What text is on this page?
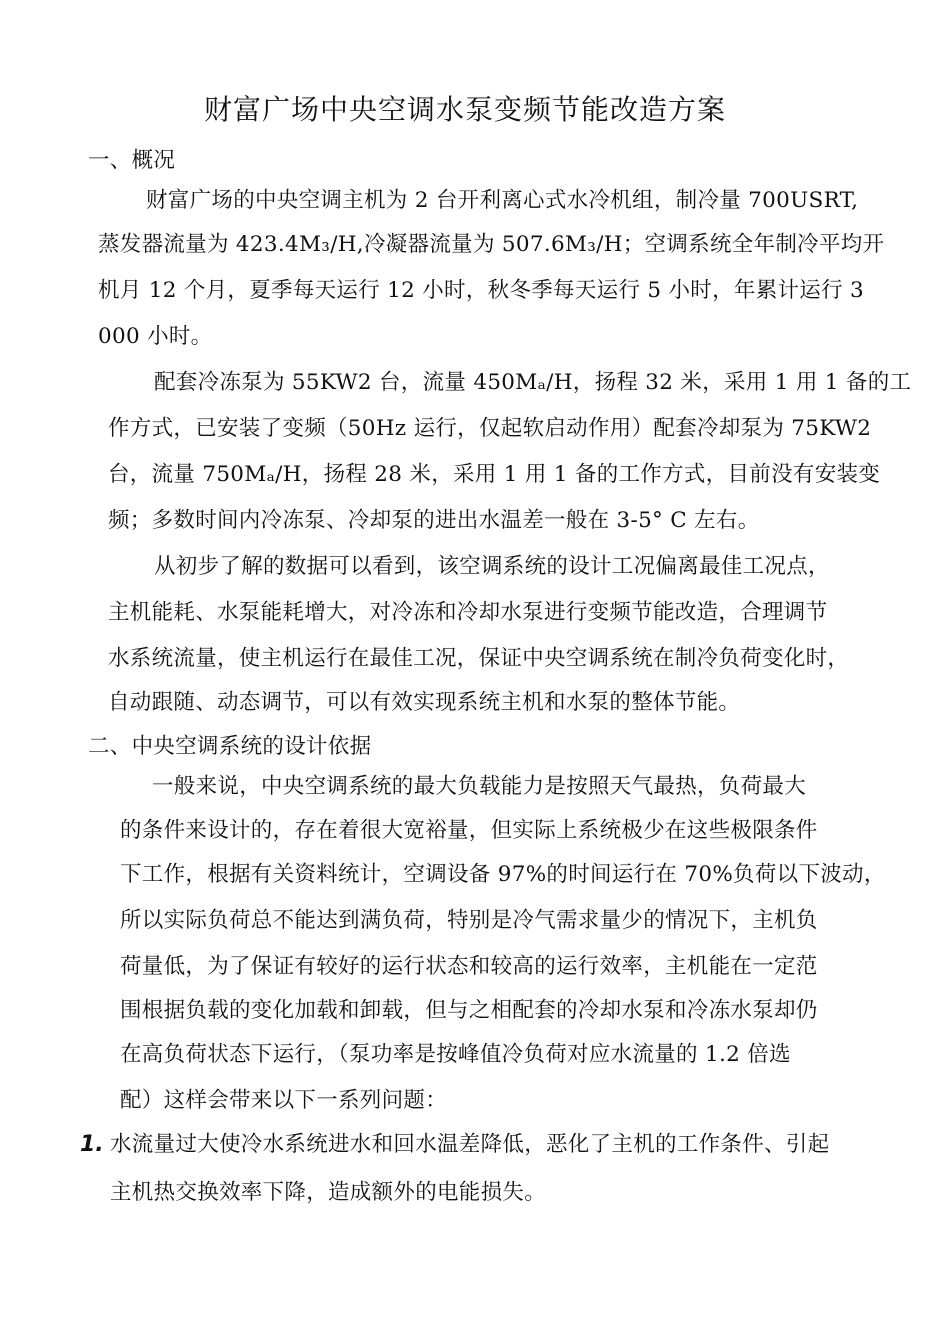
财富广场中央空调水泵变频节能改造方案
一、概况
财富广场的中央空调主机为 2 台开利离心式水冷机组，制冷量 700USRT,
蒸发器流量为 423.4M₃/H,冷凝器流量为 507.6M₃/H；空调系统全年制冷平均开
机月 12 个月，夏季每天运行 12 小时，秋冬季每天运行 5 小时，年累计运行 3
000 小时。
配套冷冻泵为 55KW2 台，流量 450Mₐ/H，扬程 32 米，采用 1 用 1 备的工
作方式，已安装了变频（50Hz 运行，仅起软启动作用）配套冷却泵为 75KW2
台，流量 750Mₐ/H，扬程 28 米，采用 1 用 1 备的工作方式，目前没有安装变
频；多数时间内冷冻泵、冷却泵的进出水温差一般在 3-5° C 左右。
从初步了解的数据可以看到，该空调系统的设计工况偏离最佳工况点，
主机能耗、水泵能耗增大，对冷冻和冷却水泵进行变频节能改造，合理调节
水系统流量，使主机运行在最佳工况，保证中央空调系统在制冷负荷变化时，
自动跟随、动态调节，可以有效实现系统主机和水泵的整体节能。
二、中央空调系统的设计依据
一般来说，中央空调系统的最大负载能力是按照天气最热，负荷最大
的条件来设计的，存在着很大宽裕量，但实际上系统极少在这些极限条件
下工作，根据有关资料统计，空调设备 97%的时间运行在 70%负荷以下波动，
所以实际负荷总不能达到满负荷，特别是冷气需求量少的情况下，主机负
荷量低，为了保证有较好的运行状态和较高的运行效率，主机能在一定范
围根据负载的变化加载和卸载，但与之相配套的冷却水泵和冷冻水泵却仍
在高负荷状态下运行，（泵功率是按峰值冷负荷对应水流量的 1.2 倍选
配）这样会带来以下一系列问题：
1. 水流量过大使冷水系统进水和回水温差降低，恶化了主机的工作条件、引起
主机热交换效率下降，造成额外的电能损失。
